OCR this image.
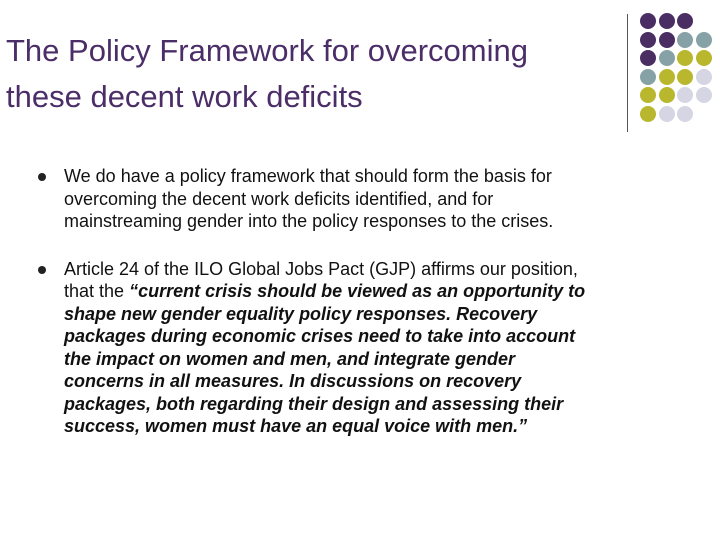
The Policy Framework for overcoming
these decent work deficits
We do have a policy framework that should form the basis for
overcoming the decent work deficits identified, and for
mainstreaming gender into the policy responses to the crises.
Article 24 of the ILO Global Jobs Pact (GJP) affirms our position,
that the “current crisis should be viewed as an opportunity to
shape new gender equality policy responses. Recovery
packages during economic crises need to take into account
the impact on women and men, and integrate gender
concerns in all measures. In discussions on recovery
packages, both regarding their design and assessing their
success, women must have an equal voice with men.”
